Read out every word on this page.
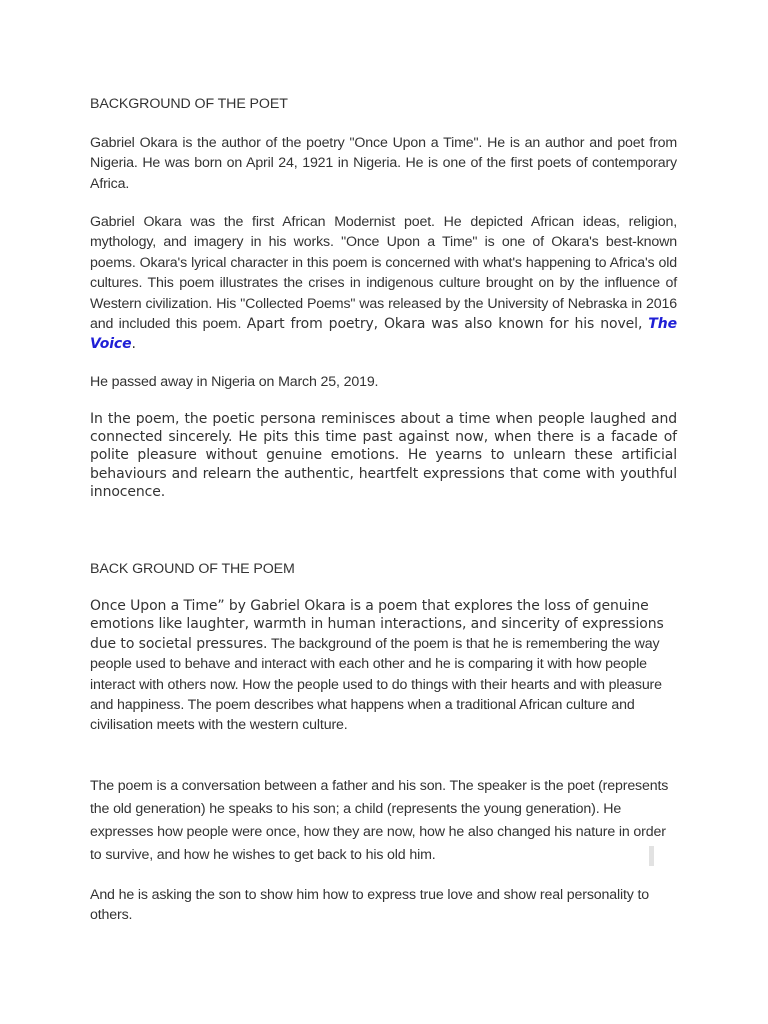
BACKGROUND OF THE POET

Gabriel Okara is the author of the poetry "Once Upon a Time". He is an author and poet from Nigeria. He was born on April 24, 1921 in Nigeria. He is one of the first poets of contemporary Africa.

Gabriel Okara was the first African Modernist poet. He depicted African ideas, religion, mythology, and imagery in his works. "Once Upon a Time" is one of Okara's best-known poems. Okara's lyrical character in this poem is concerned with what's happening to Africa's old cultures. This poem illustrates the crises in indigenous culture brought on by the influence of Western civilization. His "Collected Poems" was released by the University of Nebraska in 2016 and included this poem. Apart from poetry, Okara was also known for his novel, The Voice.

He passed away in Nigeria on March 25, 2019.

In the poem, the poetic persona reminisces about a time when people laughed and connected sincerely. He pits this time past against now, when there is a facade of polite pleasure without genuine emotions. He yearns to unlearn these artificial behaviours and relearn the authentic, heartfelt expressions that come with youthful innocence.

BACK GROUND OF THE POEM

Once Upon a Time” by Gabriel Okara is a poem that explores the loss of genuine emotions like laughter, warmth in human interactions, and sincerity of expressions due to societal pressures. The background of the poem is that he is remembering the way people used to behave and interact with each other and he is comparing it with how people interact with others now. How the people used to do things with their hearts and with pleasure and happiness. The poem describes what happens when a traditional African culture and civilisation meets with the western culture.

The poem is a conversation between a father and his son. The speaker is the poet (represents the old generation) he speaks to his son; a child (represents the young generation). He expresses how people were once, how they are now, how he also changed his nature in order to survive, and how he wishes to get back to his old him.

And he is asking the son to show him how to express true love and show real personality to others.
